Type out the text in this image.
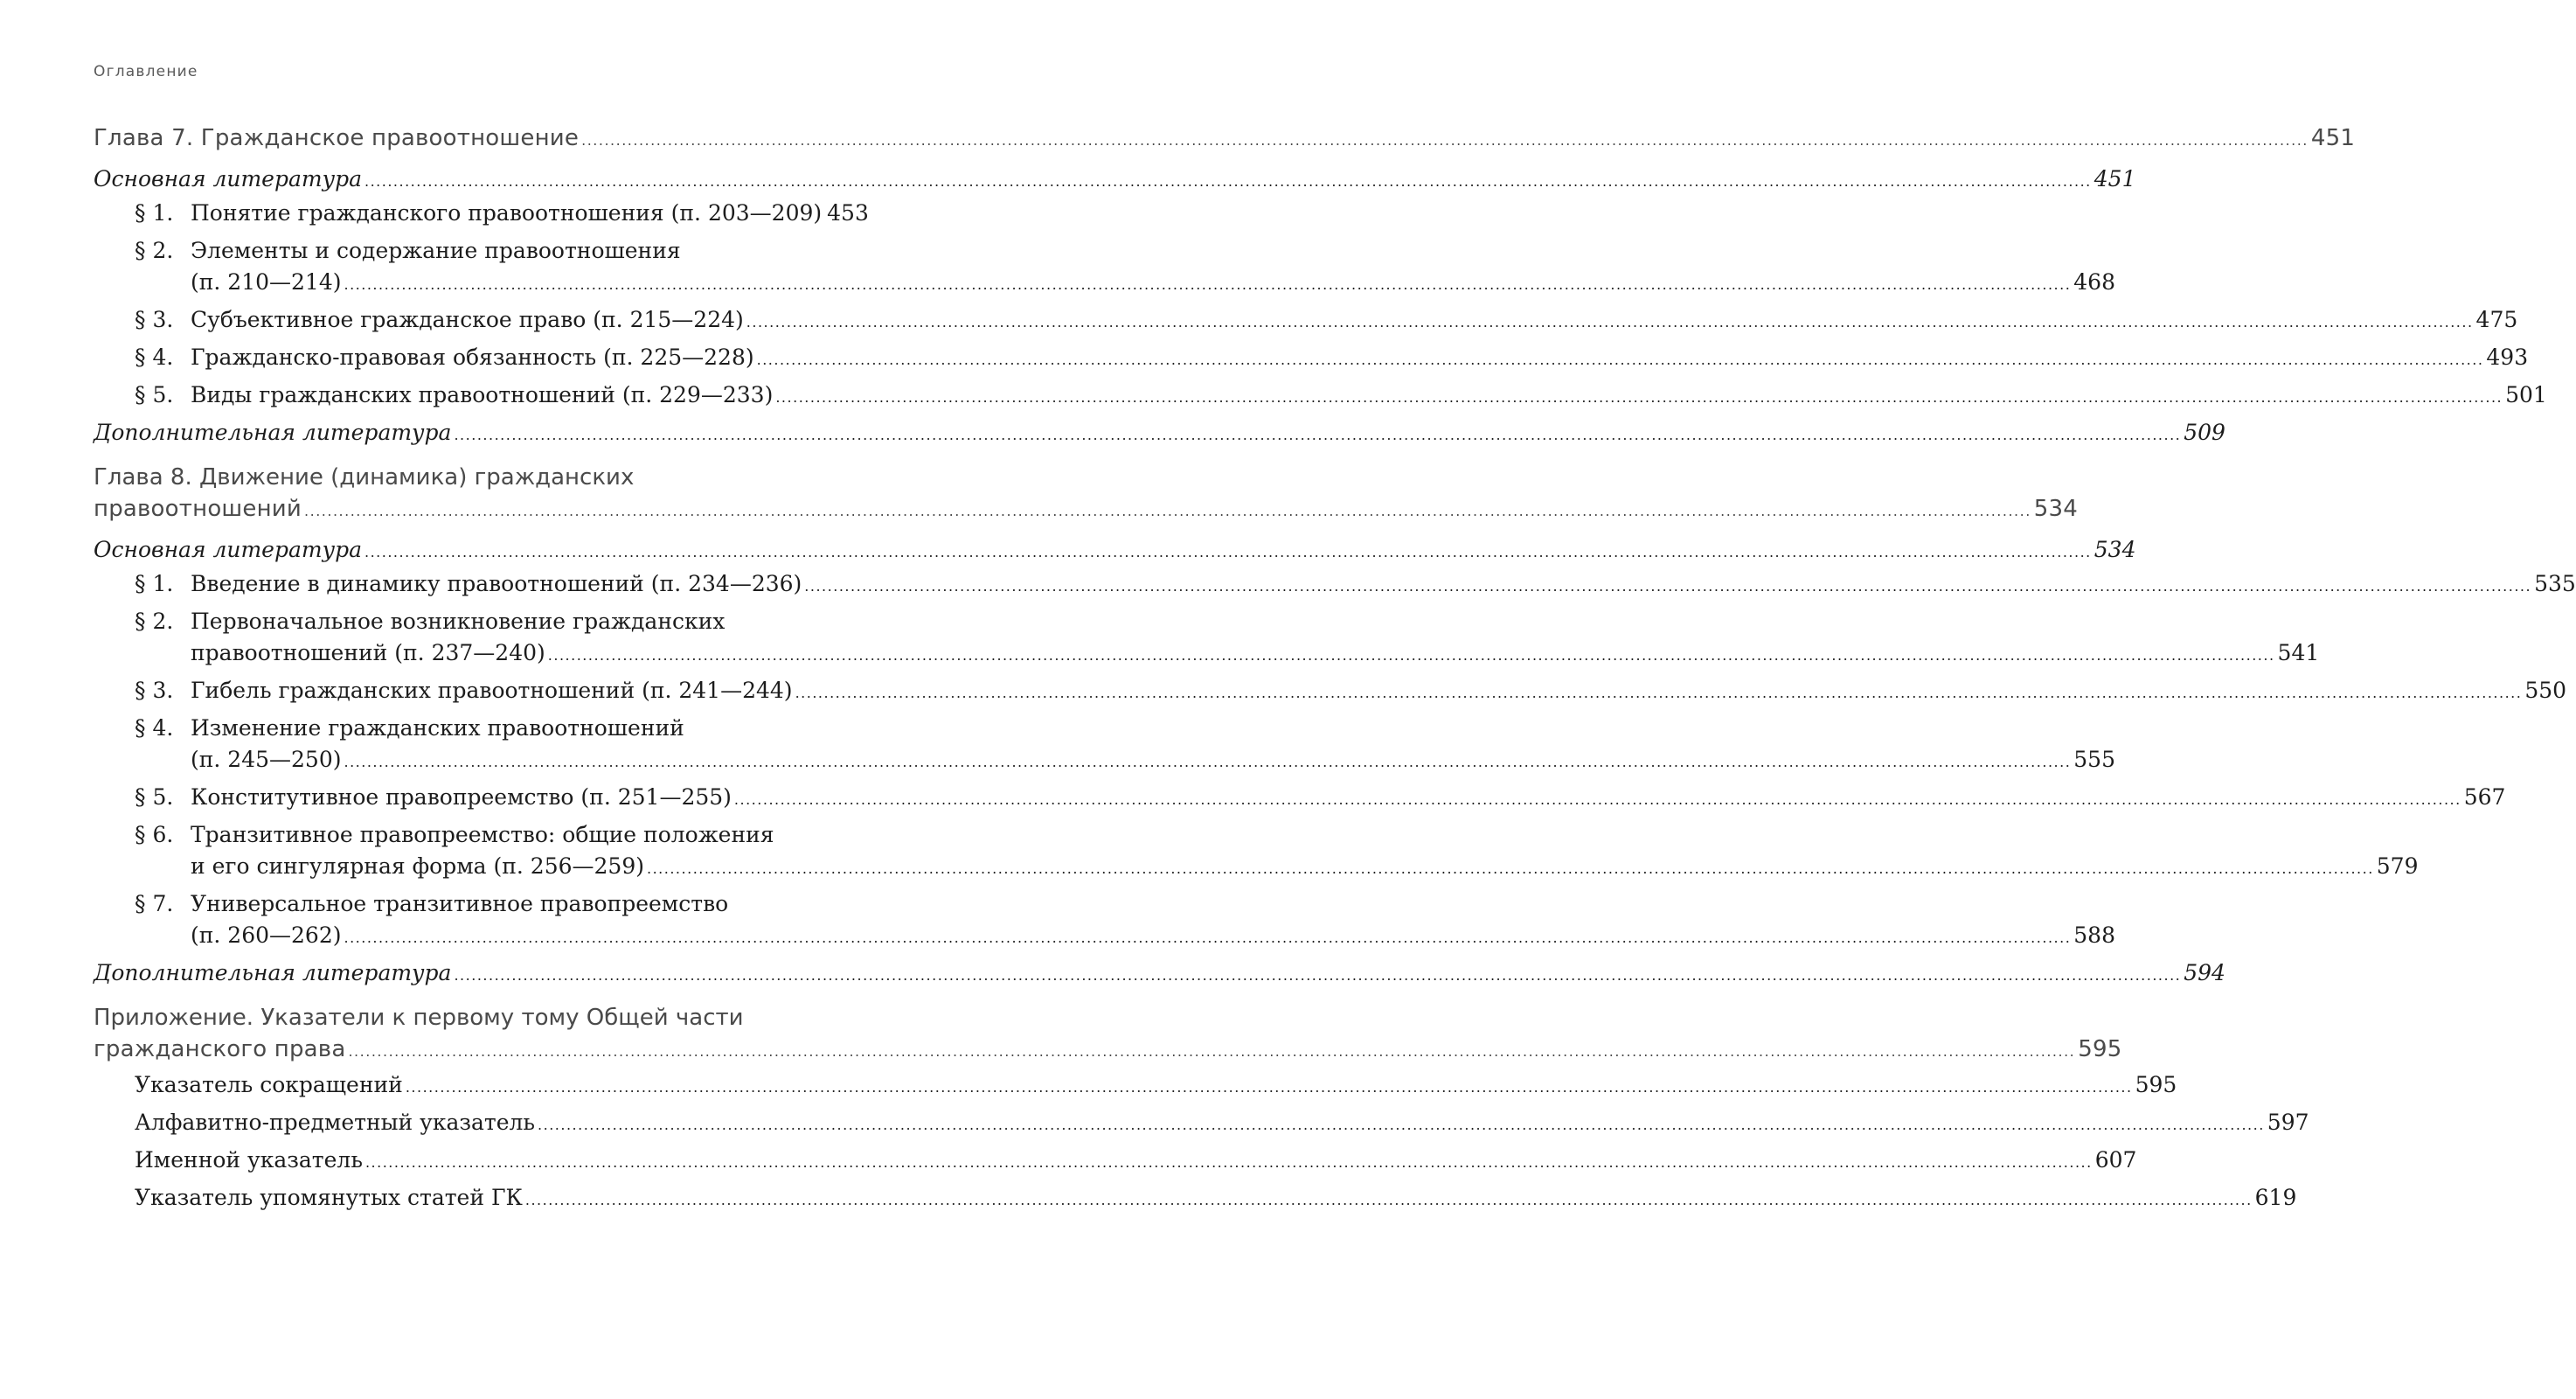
Оглавление
Глава 7. Гражданское правоотношение ............................................................................................................................................................................................................................................................................................................ 451
Основная литература ............................................................................................................................................................................................................................................................................................................ 451
§ 1. Понятие гражданского правоотношения (п. 203—209) 453
§ 2. Элементы и содержание правоотношения
(п. 210—214) ............................................................................................................................................................................................................................................................................................................ 468
§ 3. Субъективное гражданское право (п. 215—224) ............................................................................................................................................................................................................................................................................................................ 475
§ 4. Гражданско-правовая обязанность (п. 225—228) ............................................................................................................................................................................................................................................................................................................ 493
§ 5. Виды гражданских правоотношений (п. 229—233) ............................................................................................................................................................................................................................................................................................................ 501
Дополнительная литература ............................................................................................................................................................................................................................................................................................................ 509
Глава 8. Движение (динамика) гражданских
правоотношений ............................................................................................................................................................................................................................................................................................................ 534
Основная литература ............................................................................................................................................................................................................................................................................................................ 534
§ 1. Введение в динамику правоотношений (п. 234—236) ............................................................................................................................................................................................................................................................................................................ 535
§ 2. Первоначальное возникновение гражданских
правоотношений (п. 237—240) ............................................................................................................................................................................................................................................................................................................ 541
§ 3. Гибель гражданских правоотношений (п. 241—244) ............................................................................................................................................................................................................................................................................................................ 550
§ 4. Изменение гражданских правоотношений
(п. 245—250) ............................................................................................................................................................................................................................................................................................................ 555
§ 5. Конститутивное правопреемство (п. 251—255) ............................................................................................................................................................................................................................................................................................................ 567
§ 6. Транзитивное правопреемство: общие положения
и его сингулярная форма (п. 256—259) ............................................................................................................................................................................................................................................................................................................ 579
§ 7. Универсальное транзитивное правопреемство
(п. 260—262) ............................................................................................................................................................................................................................................................................................................ 588
Дополнительная литература ............................................................................................................................................................................................................................................................................................................ 594
Приложение. Указатели к первому тому Общей части
гражданского права ............................................................................................................................................................................................................................................................................................................ 595
Указатель сокращений ............................................................................................................................................................................................................................................................................................................ 595
Алфавитно-предметный указатель ............................................................................................................................................................................................................................................................................................................ 597
Именной указатель ............................................................................................................................................................................................................................................................................................................ 607
Указатель упомянутых статей ГК ............................................................................................................................................................................................................................................................................................................ 619
